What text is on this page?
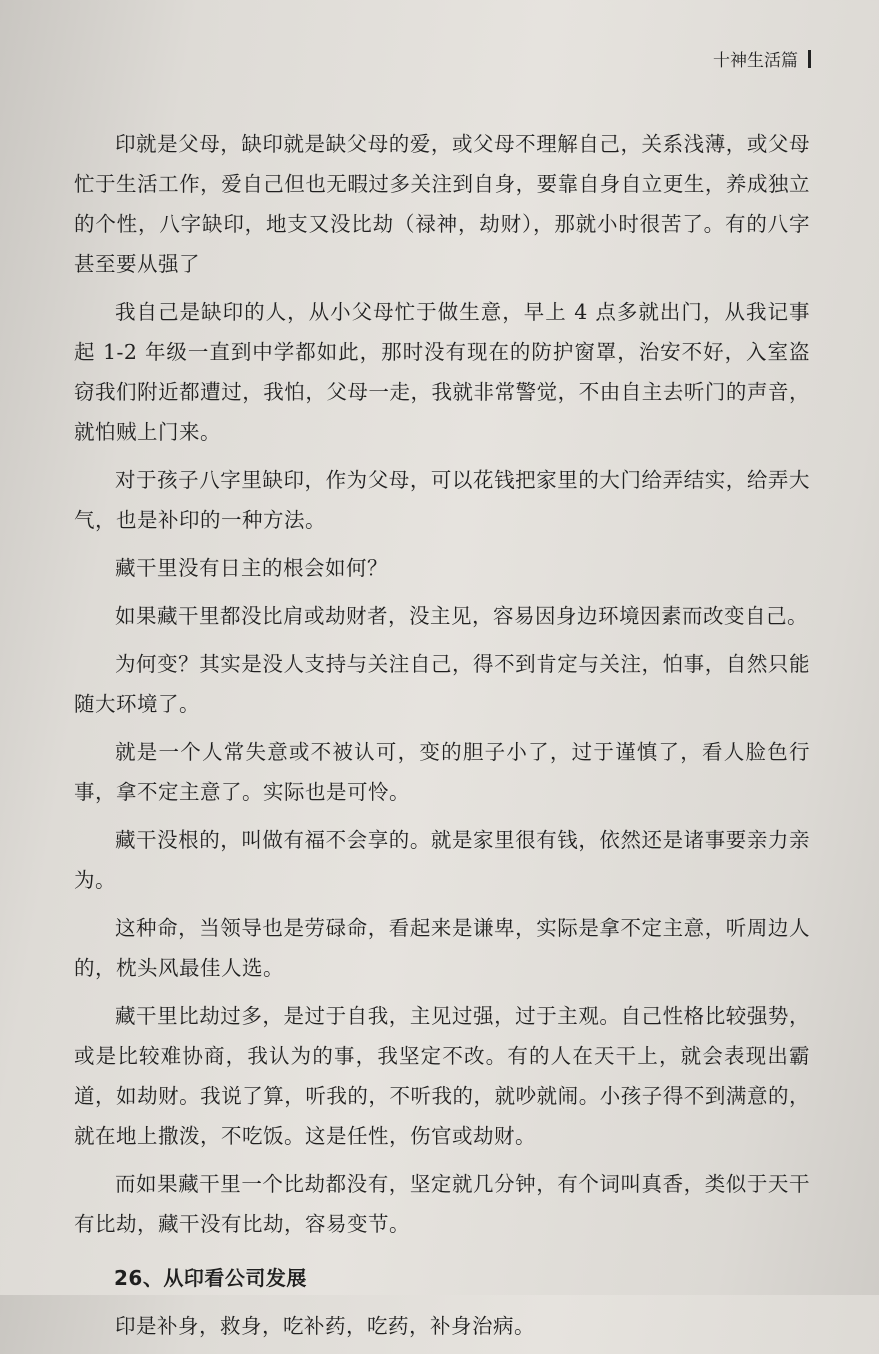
十神生活篇

印就是父母，缺印就是缺父母的爱，或父母不理解自己，关系浅薄，或父母忙于生活工作，爱自己但也无暇过多关注到自身，要靠自身自立更生，养成独立的个性，八字缺印，地支又没比劫（禄神，劫财），那就小时很苦了。有的八字甚至要从强了

我自己是缺印的人，从小父母忙于做生意，早上 4 点多就出门，从我记事起 1-2 年级一直到中学都如此，那时没有现在的防护窗罩，治安不好，入室盗窃我们附近都遭过，我怕，父母一走，我就非常警觉，不由自主去听门的声音，就怕贼上门来。

对于孩子八字里缺印，作为父母，可以花钱把家里的大门给弄结实，给弄大气，也是补印的一种方法。

藏干里没有日主的根会如何？

如果藏干里都没比肩或劫财者，没主见，容易因身边环境因素而改变自己。

为何变？其实是没人支持与关注自己，得不到肯定与关注，怕事，自然只能随大环境了。

就是一个人常失意或不被认可，变的胆子小了，过于谨慎了，看人脸色行事，拿不定主意了。实际也是可怜。

藏干没根的，叫做有福不会享的。就是家里很有钱，依然还是诸事要亲力亲为。

这种命，当领导也是劳碌命，看起来是谦卑，实际是拿不定主意，听周边人的，枕头风最佳人选。

藏干里比劫过多，是过于自我，主见过强，过于主观。自己性格比较强势，或是比较难协商，我认为的事，我坚定不改。有的人在天干上，就会表现出霸道，如劫财。我说了算，听我的，不听我的，就吵就闹。小孩子得不到满意的，就在地上撒泼，不吃饭。这是任性，伤官或劫财。

而如果藏干里一个比劫都没有，坚定就几分钟，有个词叫真香，类似于天干有比劫，藏干没有比劫，容易变节。

26、从印看公司发展

印是补身，救身，吃补药，吃药，补身治病。
